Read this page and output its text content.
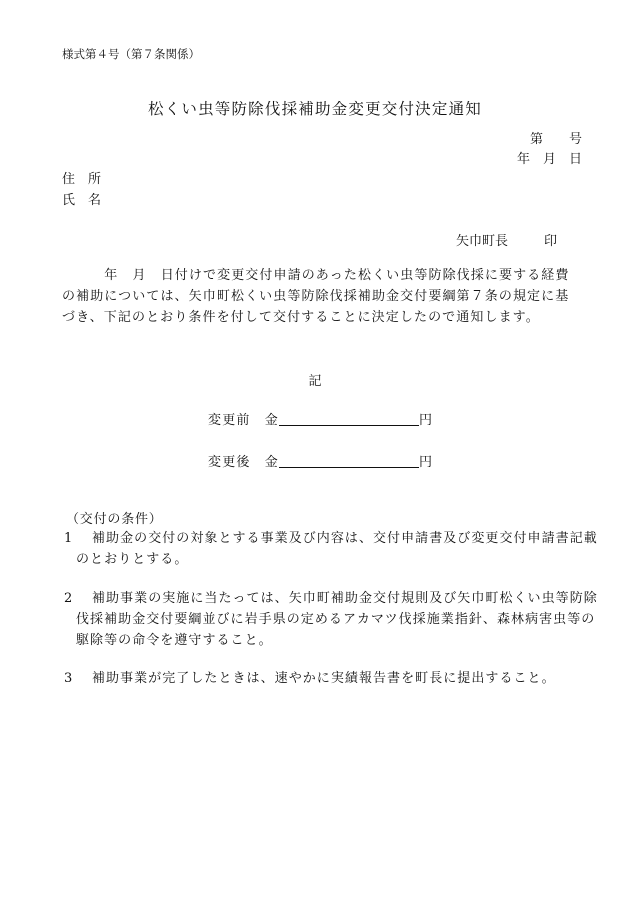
様式第４号（第７条関係）
松くい虫等防除伐採補助金変更交付決定通知
第　　号
年　月　日
住　所
氏　名
矢巾町長	印
　　　年　月　日付けで変更交付申請のあった松くい虫等防除伐採に要する経費の補助については、矢巾町松くい虫等防除伐採補助金交付要綱第７条の規定に基づき、下記のとおり条件を付して交付することに決定したので通知します。
記
変更前　金	円
変更後　金	円
（交付の条件）
1	補助金の交付の対象とする事業及び内容は、交付申請書及び変更交付申請書記載のとおりとする。
2	補助事業の実施に当たっては、矢巾町補助金交付規則及び矢巾町松くい虫等防除伐採補助金交付要綱並びに岩手県の定めるアカマツ伐採施業指針、森林病害虫等の駆除等の命令を遵守すること。
3	補助事業が完了したときは、速やかに実績報告書を町長に提出すること。
